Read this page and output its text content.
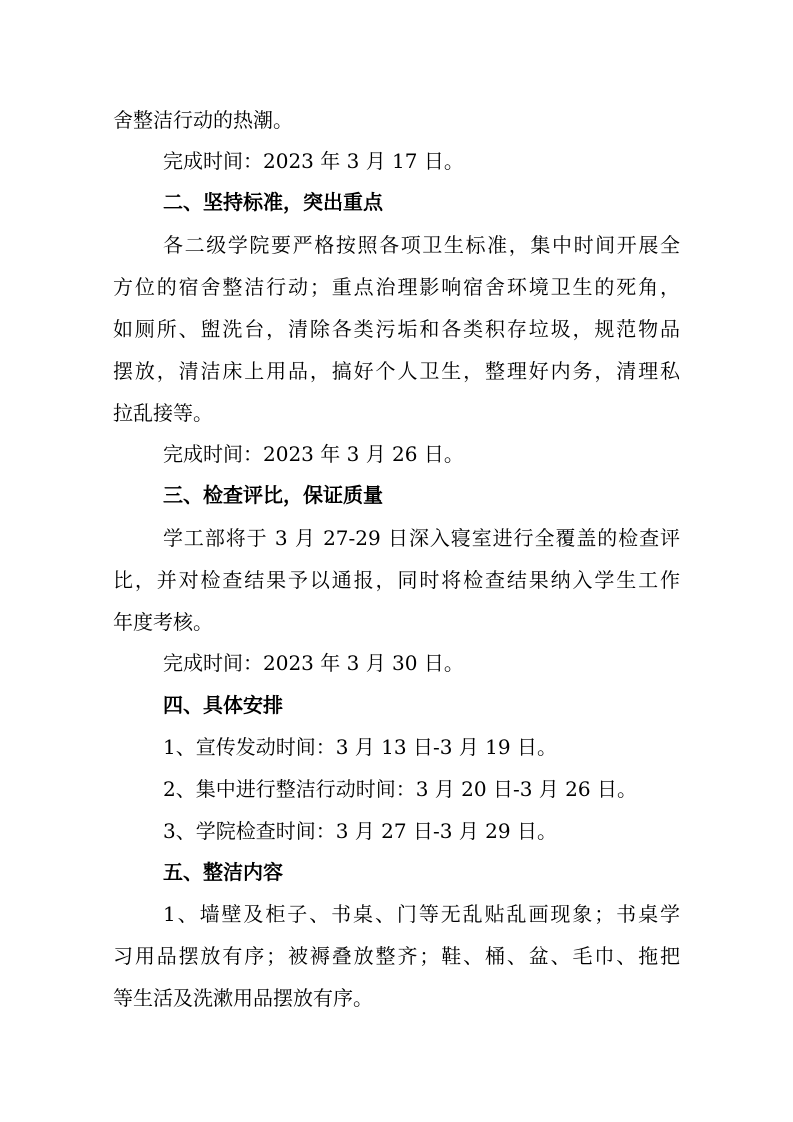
舍整洁行动的热潮。
完成时间：2023 年 3 月 17 日。
二、坚持标准，突出重点
各二级学院要严格按照各项卫生标准，集中时间开展全
方位的宿舍整洁行动；重点治理影响宿舍环境卫生的死角，
如厕所、盥洗台，清除各类污垢和各类积存垃圾，规范物品
摆放，清洁床上用品，搞好个人卫生，整理好内务，清理私
拉乱接等。
完成时间：2023 年 3 月 26 日。
三、检查评比，保证质量
学工部将于 3 月 27-29 日深入寝室进行全覆盖的检查评
比，并对检查结果予以通报，同时将检查结果纳入学生工作
年度考核。
完成时间：2023 年 3 月 30 日。
四、具体安排
1、宣传发动时间：3 月 13 日-3 月 19 日。
2、集中进行整洁行动时间：3 月 20 日-3 月 26 日。
3、学院检查时间：3 月 27 日-3 月 29 日。
五、整洁内容
1、墙壁及柜子、书桌、门等无乱贴乱画现象；书桌学
习用品摆放有序；被褥叠放整齐；鞋、桶、盆、毛巾、拖把
等生活及洗漱用品摆放有序。
